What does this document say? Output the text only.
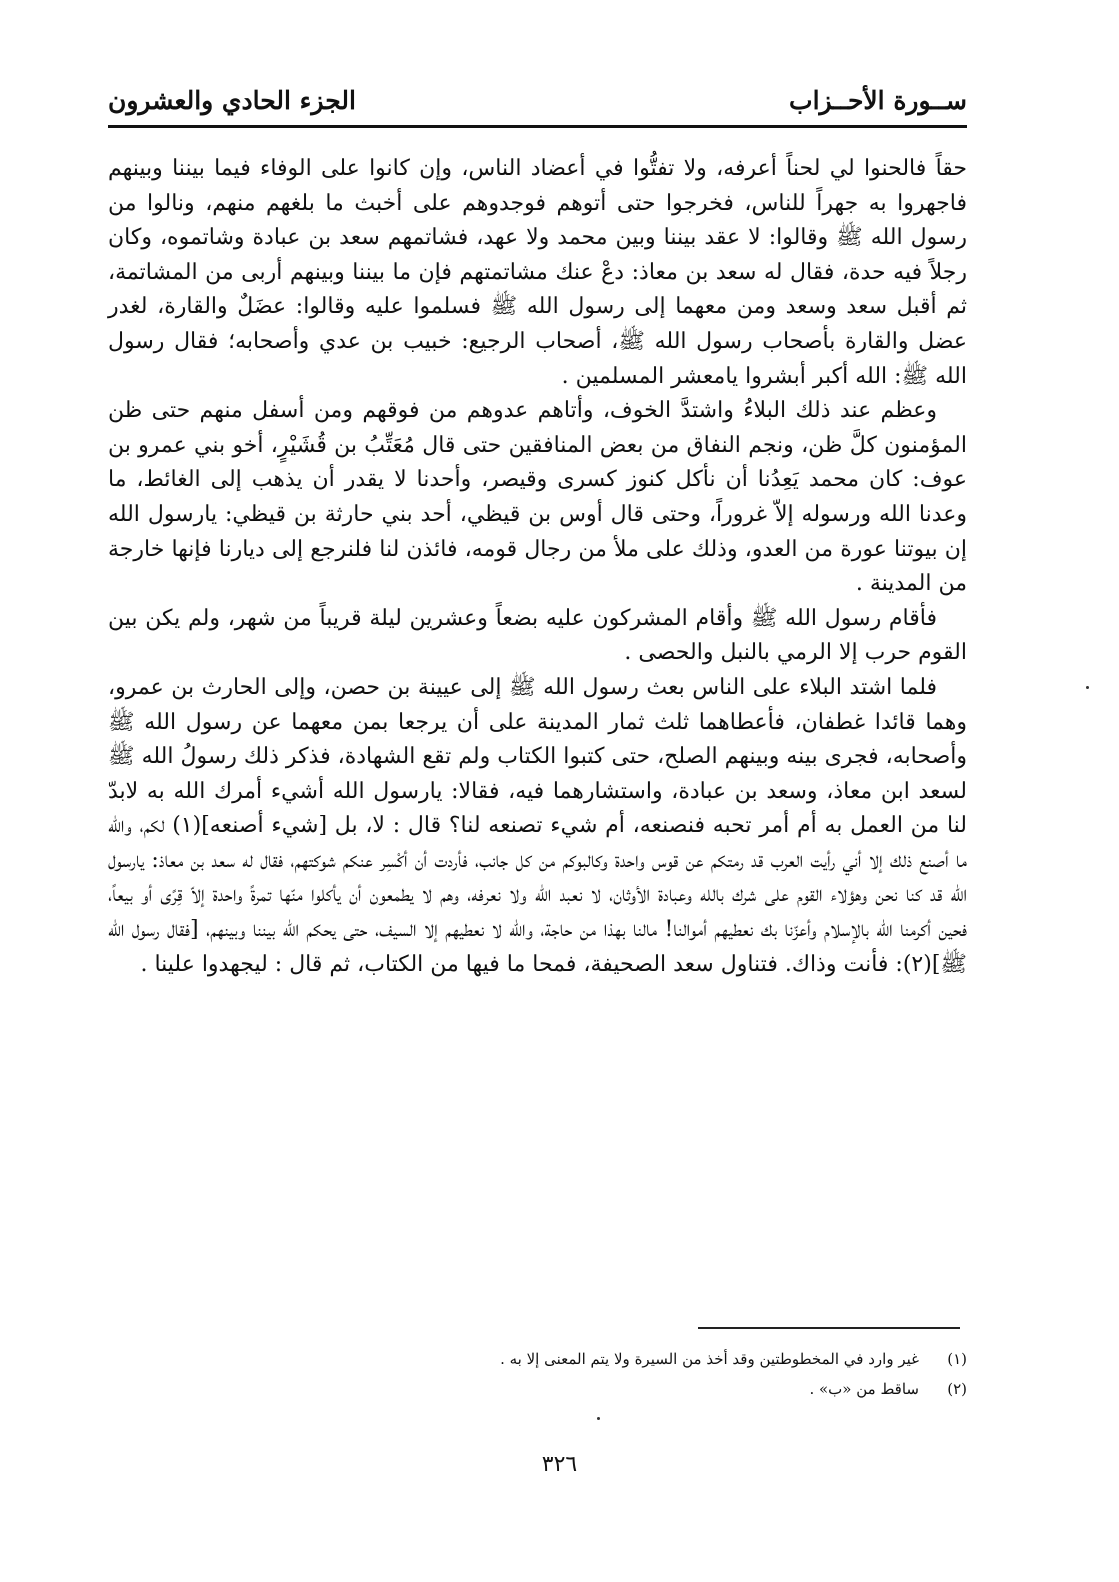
ســورة الأحــزاب
الجزء الحادي والعشرون

حقاً فالحنوا لي لحناً أعرفه، ولا تفتُّوا في أعضاد الناس، وإن كانوا على الوفاء فيما بيننا وبينهم فاجهروا به جهراً للناس، فخرجوا حتى أتوهم فوجدوهم على أخبث ما بلغهم منهم، ونالوا من رسول الله ﷺ وقالوا: لا عقد بيننا وبين محمد ولا عهد، فشاتمهم سعد بن عبادة وشاتموه، وكان رجلاً فيه حدة، فقال له سعد بن معاذ: دعْ عنك مشاتمتهم فإن ما بيننا وبينهم أربى من المشاتمة، ثم أقبل سعد وسعد ومن معهما إلى رسول الله ﷺ فسلموا عليه وقالوا: عضَلٌ والقارة، لغدر عضل والقارة بأصحاب رسول الله ﷺ، أصحاب الرجيع: خبيب بن عدي وأصحابه؛ فقال رسول الله ﷺ: الله أكبر أبشروا يامعشر المسلمين .

وعظم عند ذلك البلاءُ واشتدَّ الخوف، وأتاهم عدوهم من فوقهم ومن أسفل منهم حتى ظن المؤمنون كلَّ ظن، ونجم النفاق من بعض المنافقين حتى قال مُعَتِّبُ بن قُشَيْرٍ، أخو بني عمرو بن عوف: كان محمد يَعِدُنا أن نأكل كنوز كسرى وقيصر، وأحدنا لا يقدر أن يذهب إلى الغائط، ما وعدنا الله ورسوله إلاّ غروراً، وحتى قال أوس بن قيظي، أحد بني حارثة بن قيظي: يارسول الله إن بيوتنا عورة من العدو، وذلك على ملأ من رجال قومه، فائذن لنا فلنرجع إلى ديارنا فإنها خارجة من المدينة .

فأقام رسول الله ﷺ وأقام المشركون عليه بضعاً وعشرين ليلة قريباً من شهر، ولم يكن بين القوم حرب إلا الرمي بالنبل والحصى .

فلما اشتد البلاء على الناس بعث رسول الله ﷺ إلى عيينة بن حصن، وإلى الحارث بن عمرو، وهما قائدا غطفان، فأعطاهما ثلث ثمار المدينة على أن يرجعا بمن معهما عن رسول الله ﷺ وأصحابه، فجرى بينه وبينهم الصلح، حتى كتبوا الكتاب ولم تقع الشهادة، فذكر ذلك رسولُ الله ﷺ لسعد ابن معاذ، وسعد بن عبادة، واستشارهما فيه، فقالا: يارسول الله أشيء أمرك الله به لابدّ لنا من العمل به أم أمر تحبه فنصنعه، أم شيء تصنعه لنا؟ قال : لا، بل [شيء أصنعه](١) لكم، والله ما أصنع ذلك إلا أني رأيت العرب قد رمتكم عن قوس واحدة وكالبوكم من كل جانب، فأردت أن أكْسِر عنكم شوكتهم، فقال له سعد بن معاذ: يارسول الله قد كنا نحن وهؤلاء القوم على شرك بالله وعبادة الأوثان، لا نعبد الله ولا نعرفه، وهم لا يطمعون أن يأكلوا منّها تمرةً واحدة إلاّ قِرًى أو بيعاً، فحين أكرمنا الله بالإسلام وأعزّنا بك نعطيهم أموالنا! مالنا بهذا من حاجة، والله لا نعطيهم إلا السيف، حتى يحكم الله بيننا وبينهم، [فقال رسول الله ﷺ](٢): فأنت وذاك. فتناول سعد الصحيفة، فمحا ما فيها من الكتاب، ثم قال : ليجهدوا علينا .

(١)
غير وارد في المخطوطتين وقد أخذ من السيرة ولا يتم المعنى إلا به .
(٢)
ساقط من «ب» .
٣٢٦
